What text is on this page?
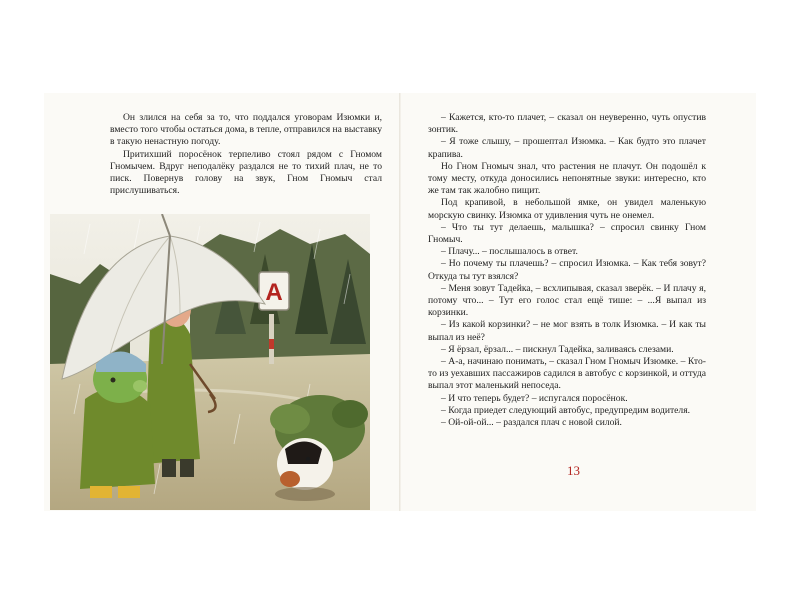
Он злился на себя за то, что поддался уговорам Изюмки и, вместо того чтобы остаться дома, в тепле, отправился на выставку в такую ненастную погоду.

Притихший поросёнок терпеливо стоял рядом с Гномом Гномычем. Вдруг неподалёку раздался не то тихий плач, не то писк. Повернув голову на звук, Гном Гномыч стал прислушиваться.

А

– Кажется, кто-то плачет, – сказал он неуверенно, чуть опустив зонтик.

– Я тоже слышу, – прошептал Изюмка. – Как будто это плачет крапива.

Но Гном Гномыч знал, что растения не плачут. Он подошёл к тому месту, откуда доносились непонятные звуки: интересно, кто же там так жалобно пищит.

Под крапивой, в небольшой ямке, он увидел маленькую морскую свинку. Изюмка от удивления чуть не онемел.

– Что ты тут делаешь, малышка? – спросил свинку Гном Гномыч.

– Плачу... – послышалось в ответ.

– Но почему ты плачешь? – спросил Изюмка. – Как тебя зовут? Откуда ты тут взялся?

– Меня зовут Тадейка, – всхлипывая, сказал зверёк. – И плачу я, потому что... – Тут его голос стал ещё тише: – ...Я выпал из корзинки.

– Из какой корзинки? – не мог взять в толк Изюмка. – И как ты выпал из неё?

– Я ёрзал, ёрзал... – пискнул Тадейка, заливаясь слезами.

– А-а, начинаю понимать, – сказал Гном Гномыч Изюмке. – Кто-то из уехавших пассажиров садился в автобус с корзинкой, и оттуда выпал этот маленький непоседа.

– И что теперь будет? – испугался поросёнок.

– Когда приедет следующий автобус, предупредим водителя.

– Ой-ой-ой... – раздался плач с новой силой.

13
